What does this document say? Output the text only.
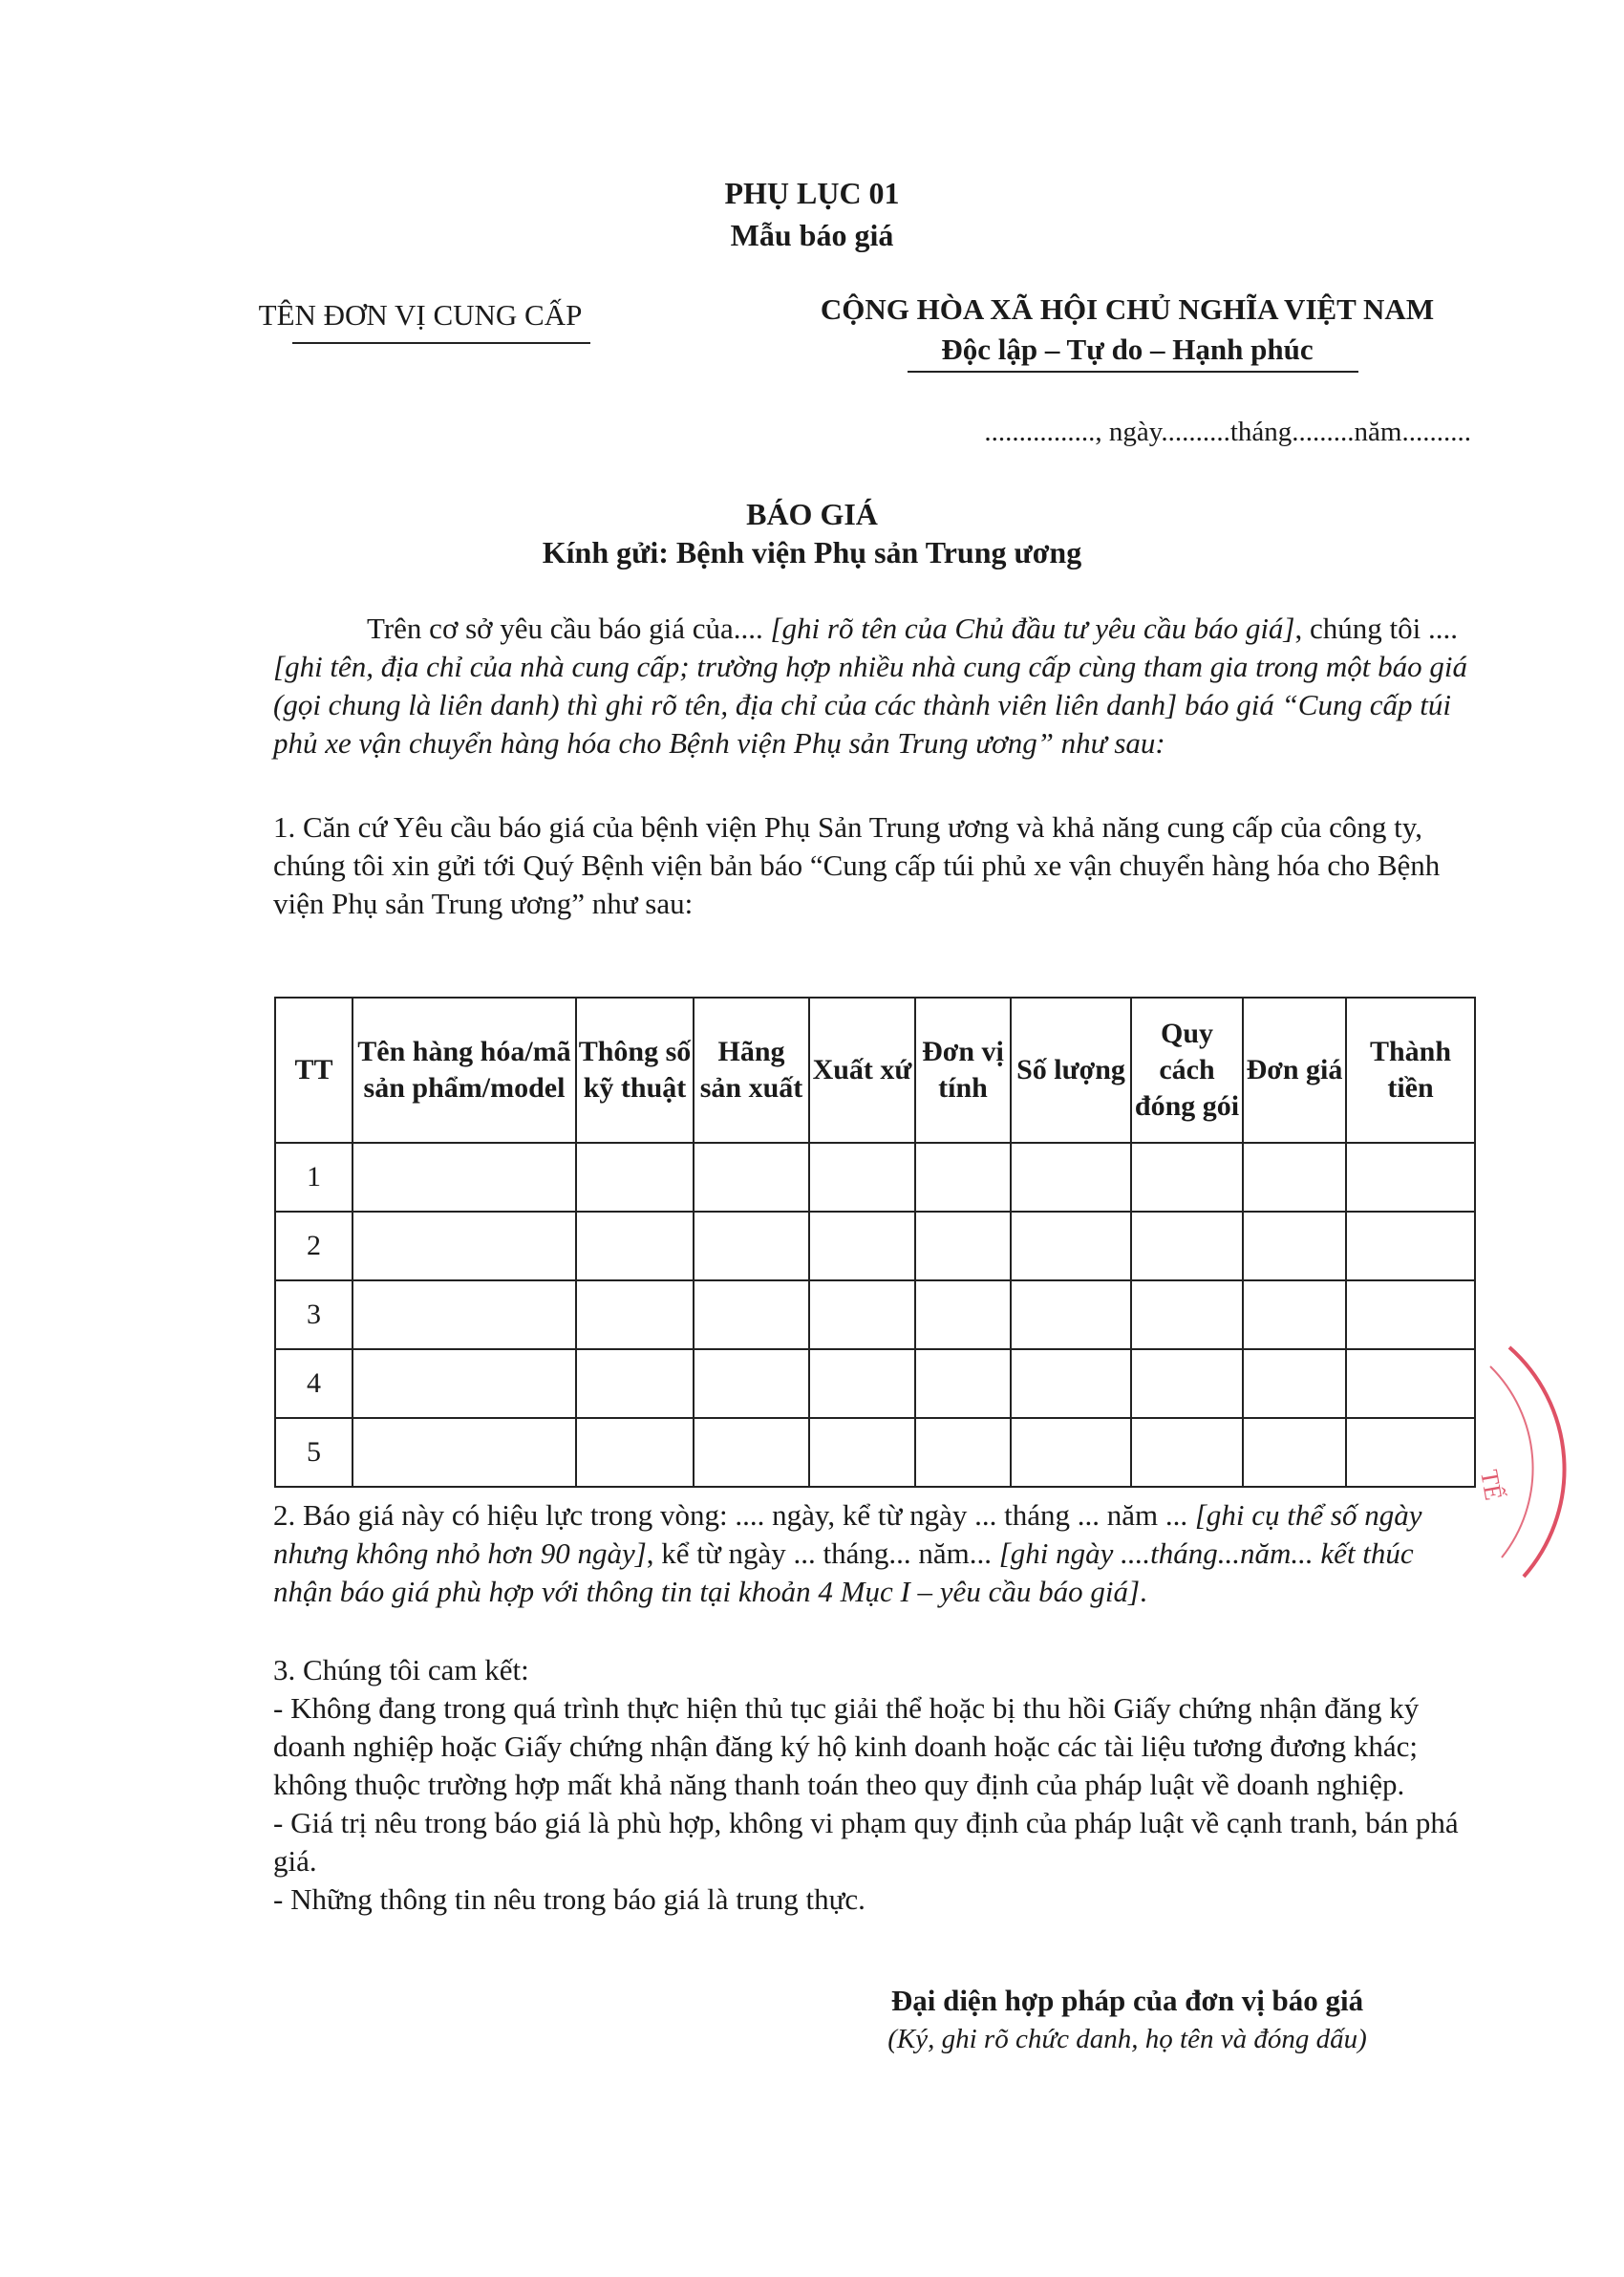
PHỤ LỤC 01
Mẫu báo giá
TÊN ĐƠN VỊ CUNG CẤP	CỘNG HÒA XÃ HỘI CHỦ NGHĨA VIỆT NAM
Độc lập – Tự do – Hạnh phúc
................, ngày..........tháng.........năm..........
BÁO GIÁ
Kính gửi: Bệnh viện Phụ sản Trung ương
Trên cơ sở yêu cầu báo giá của.... [ghi rõ tên của Chủ đầu tư yêu cầu báo giá], chúng tôi .... [ghi tên, địa chỉ của nhà cung cấp; trường hợp nhiều nhà cung cấp cùng tham gia trong một báo giá (gọi chung là liên danh) thì ghi rõ tên, địa chỉ của các thành viên liên danh] báo giá “Cung cấp túi phủ xe vận chuyển hàng hóa cho Bệnh viện Phụ sản Trung ương” như sau:
1. Căn cứ Yêu cầu báo giá của bệnh viện Phụ Sản Trung ương và khả năng cung cấp của công ty, chúng tôi xin gửi tới Quý Bệnh viện bản báo “Cung cấp túi phủ xe vận chuyển hàng hóa cho Bệnh viện Phụ sản Trung ương” như sau:
TT	Tên hàng hóa/mã sản phẩm/model	Thông số kỹ thuật	Hãng sản xuất	Xuất xứ	Đơn vị tính	Số lượng	Quy cách đóng gói	Đơn giá	Thành tiền
1									
2									
3									
4									
5									
2. Báo giá này có hiệu lực trong vòng: .... ngày, kể từ ngày ... tháng ... năm ... [ghi cụ thể số ngày nhưng không nhỏ hơn 90 ngày], kể từ ngày ... tháng... năm... [ghi ngày ....tháng...năm... kết thúc nhận báo giá phù hợp với thông tin tại khoản 4 Mục I – yêu cầu báo giá].
3. Chúng tôi cam kết:
- Không đang trong quá trình thực hiện thủ tục giải thể hoặc bị thu hồi Giấy chứng nhận đăng ký doanh nghiệp hoặc Giấy chứng nhận đăng ký hộ kinh doanh hoặc các tài liệu tương đương khác; không thuộc trường hợp mất khả năng thanh toán theo quy định của pháp luật về doanh nghiệp.
- Giá trị nêu trong báo giá là phù hợp, không vi phạm quy định của pháp luật về cạnh tranh, bán phá giá.
- Những thông tin nêu trong báo giá là trung thực.
Đại diện hợp pháp của đơn vị báo giá
(Ký, ghi rõ chức danh, họ tên và đóng dấu)
TẾ
